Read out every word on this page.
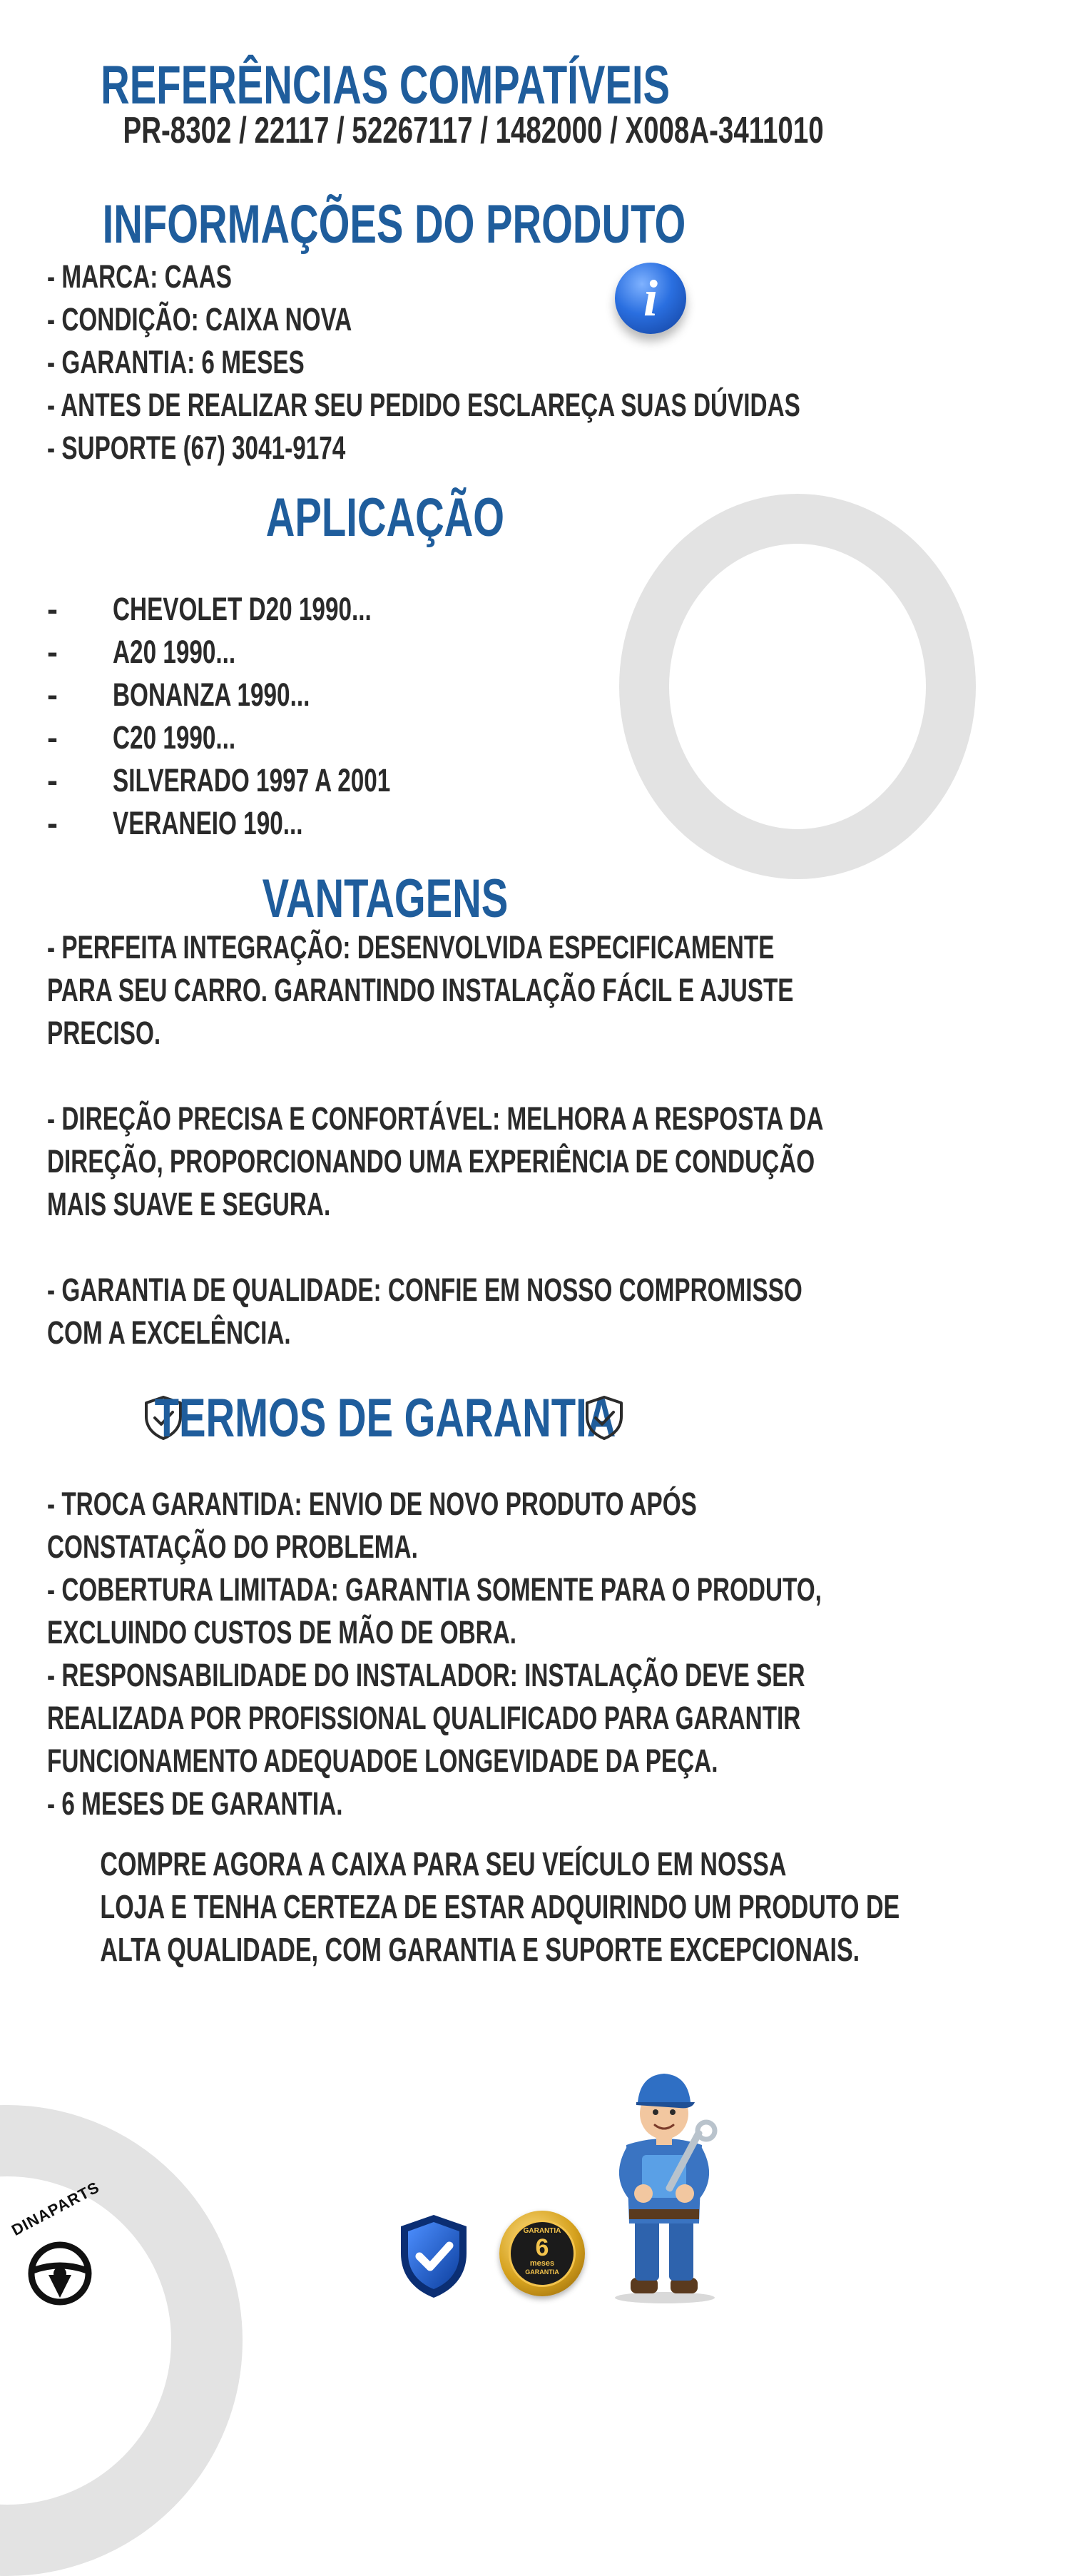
REFERÊNCIAS COMPATÍVEIS
PR-8302 / 22117 / 52267117 / 1482000 / X008A-3411010
INFORMAÇÕES DO PRODUTO
- MARCA: CAAS
- CONDIÇÃO: CAIXA NOVA
- GARANTIA: 6 MESES
- ANTES DE REALIZAR SEU PEDIDO ESCLAREÇA SUAS DÚVIDAS
- SUPORTE (67) 3041-9174
i
APLICAÇÃO
- CHEVOLET D20 1990...
- A20 1990...
- BONANZA 1990...
- C20 1990...
- SILVERADO 1997 A 2001
- VERANEIO 190...
VANTAGENS
- PERFEITA INTEGRAÇÃO: DESENVOLVIDA ESPECIFICAMENTE
PARA SEU CARRO. GARANTINDO INSTALAÇÃO FÁCIL E AJUSTE
PRECISO.
- DIREÇÃO PRECISA E CONFORTÁVEL: MELHORA A RESPOSTA DA
DIREÇÃO, PROPORCIONANDO UMA EXPERIÊNCIA DE CONDUÇÃO
MAIS SUAVE E SEGURA.
- GARANTIA DE QUALIDADE: CONFIE EM NOSSO COMPROMISSO
COM A EXCELÊNCIA.
TERMOS DE GARANTIA
- TROCA GARANTIDA: ENVIO DE NOVO PRODUTO APÓS
CONSTATAÇÃO DO PROBLEMA.
- COBERTURA LIMITADA: GARANTIA SOMENTE PARA O PRODUTO,
EXCLUINDO CUSTOS DE MÃO DE OBRA.
- RESPONSABILIDADE DO INSTALADOR: INSTALAÇÃO DEVE SER
REALIZADA POR PROFISSIONAL QUALIFICADO PARA GARANTIR
FUNCIONAMENTO ADEQUADOE LONGEVIDADE DA PEÇA.
- 6 MESES DE GARANTIA.
COMPRE AGORA A CAIXA PARA SEU VEÍCULO EM NOSSA
LOJA E TENHA CERTEZA DE ESTAR ADQUIRINDO UM PRODUTO DE
ALTA QUALIDADE, COM GARANTIA E SUPORTE EXCEPCIONAIS.
DINAPARTS	GARANTIA
6
meses
GARANTIA
